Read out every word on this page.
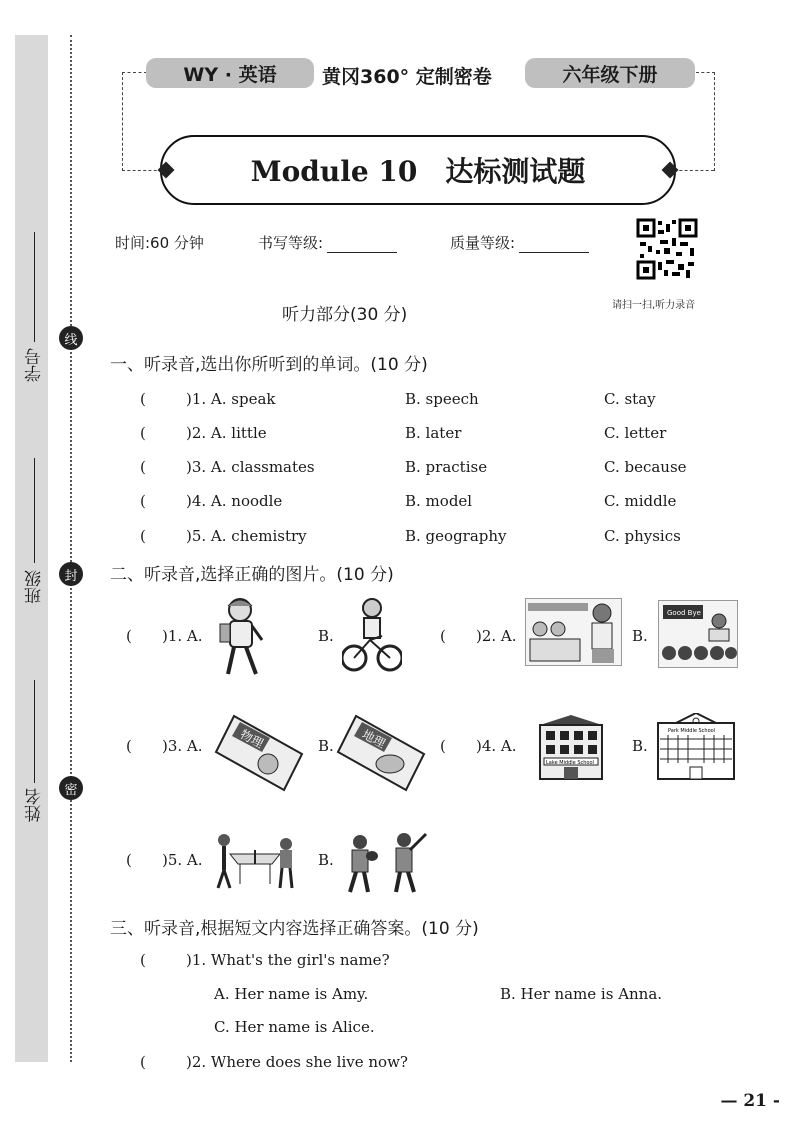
学号
班级
姓名
线
封
密
WY · 英语	黄冈360° 定制密卷	六年级下册
Module 10　达标测试题
时间:60 分钟	书写等级:	质量等级:
请扫一扫,听力录音
听力部分(30 分)
一、听录音,选出你所听到的单词。(10 分)
(	)1. A. speak	B. speech	C. stay
(	)2. A. little	B. later	C. letter
(	)3. A. classmates	B. practise	C. because
(	)4. A. noodle	B. model	C. middle
(	)5. A. chemistry	B. geography	C. physics
二、听录音,选择正确的图片。(10 分)
( )1. A.	B.	( )2. A.	B.
Good Bye
( )3. A.	物理	B. 地理	( )4. A.
Lake Middle School
B.
Park Middle School
( )5. A.	B.
三、听录音,根据短文内容选择正确答案。(10 分)
(	)1. What's the girl's name?
A. Her name is Amy.	B. Her name is Anna.
C. Her name is Alice.
(	)2. Where does she live now?
— 21 -
